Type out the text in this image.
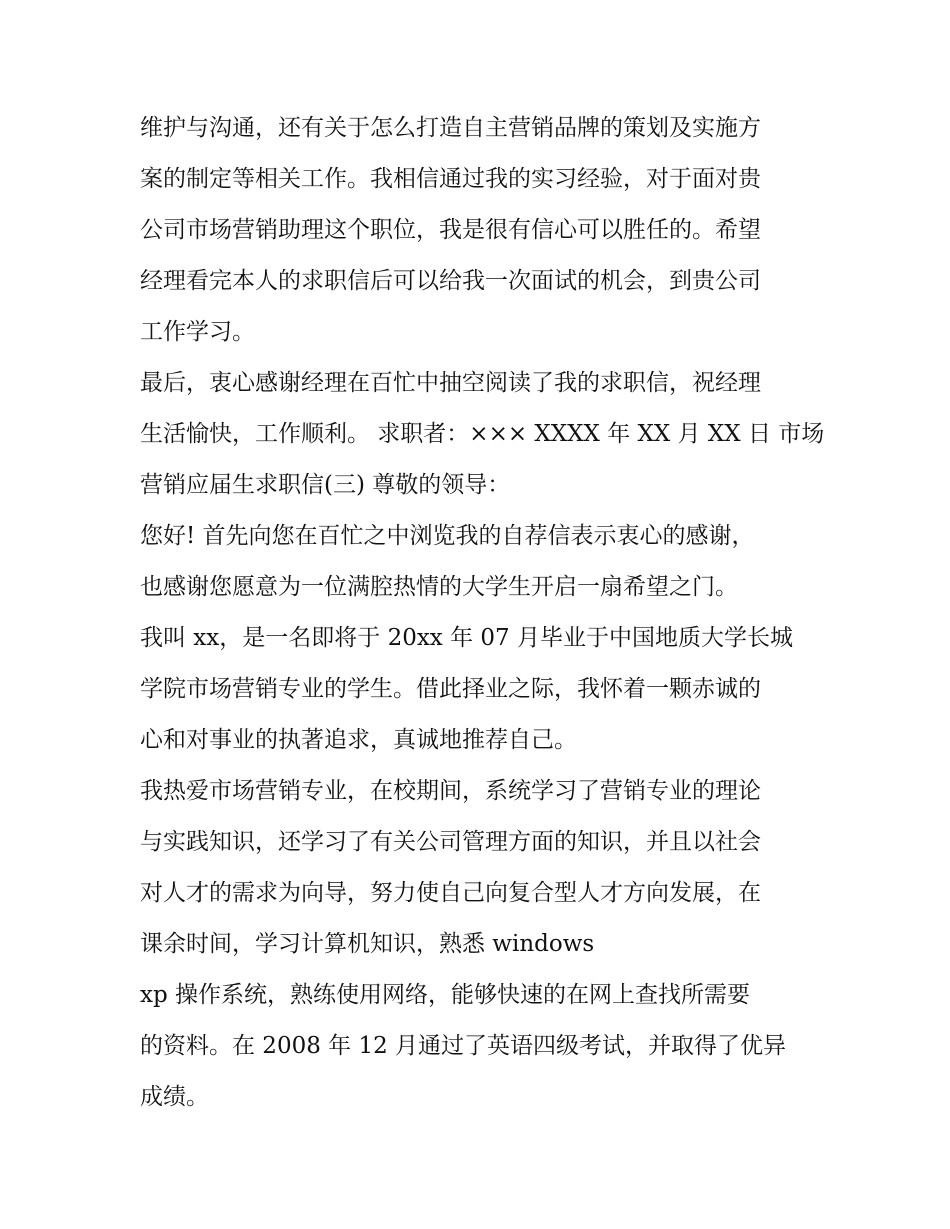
维护与沟通，还有关于怎么打造自主营销品牌的策划及实施方
案的制定等相关工作。我相信通过我的实习经验，对于面对贵
公司市场营销助理这个职位，我是很有信心可以胜任的。希望
经理看完本人的求职信后可以给我一次面试的机会，到贵公司
工作学习。
最后，衷心感谢经理在百忙中抽空阅读了我的求职信，祝经理
生活愉快，工作顺利。 求职者：××× XXXX 年 XX 月 XX 日 市场
营销应届生求职信(三) 尊敬的领导：
您好! 首先向您在百忙之中浏览我的自荐信表示衷心的感谢，
也感谢您愿意为一位满腔热情的大学生开启一扇希望之门。
我叫 xx，是一名即将于 20xx 年 07 月毕业于中国地质大学长城
学院市场营销专业的学生。借此择业之际，我怀着一颗赤诚的
心和对事业的执著追求，真诚地推荐自己。
我热爱市场营销专业，在校期间，系统学习了营销专业的理论
与实践知识，还学习了有关公司管理方面的知识，并且以社会
对人才的需求为向导，努力使自己向复合型人才方向发展，在
课余时间，学习计算机知识，熟悉 windows
xp 操作系统，熟练使用网络，能够快速的在网上查找所需要
的资料。在 2008 年 12 月通过了英语四级考试，并取得了优异
成绩。
